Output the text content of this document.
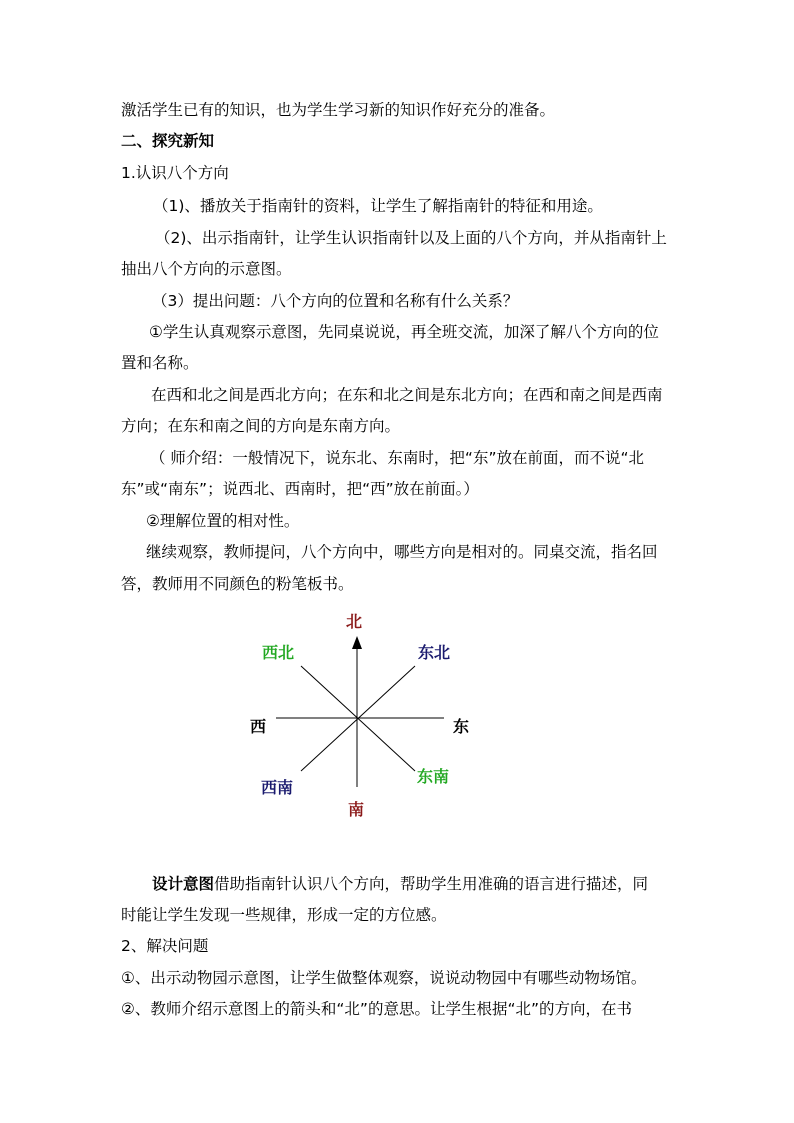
激活学生已有的知识，也为学生学习新的知识作好充分的准备。
二、探究新知
1.认识八个方向
（1)、播放关于指南针的资料，让学生了解指南针的特征和用途。
（2)、出示指南针，让学生认识指南针以及上面的八个方向，并从指南针上
抽出八个方向的示意图。
（3）提出问题：八个方向的位置和名称有什么关系？
①学生认真观察示意图，先同桌说说，再全班交流，加深了解八个方向的位
置和名称。
在西和北之间是西北方向；在东和北之间是东北方向；在西和南之间是西南
方向；在东和南之间的方向是东南方向。
（ 师介绍：一般情况下，说东北、东南时，把“东”放在前面，而不说“北
东”或“南东”；说西北、西南时，把“西”放在前面。）
②理解位置的相对性。
继续观察，教师提问，八个方向中，哪些方向是相对的。同桌交流，指名回
答，教师用不同颜色的粉笔板书。
北
南
西	东
西北	东北
西南
东南
设计意图借助指南针认识八个方向，帮助学生用准确的语言进行描述，同
时能让学生发现一些规律，形成一定的方位感。
2、解决问题
①、出示动物园示意图，让学生做整体观察，说说动物园中有哪些动物场馆。
②、教师介绍示意图上的箭头和“北”的意思。让学生根据“北”的方向，在书
